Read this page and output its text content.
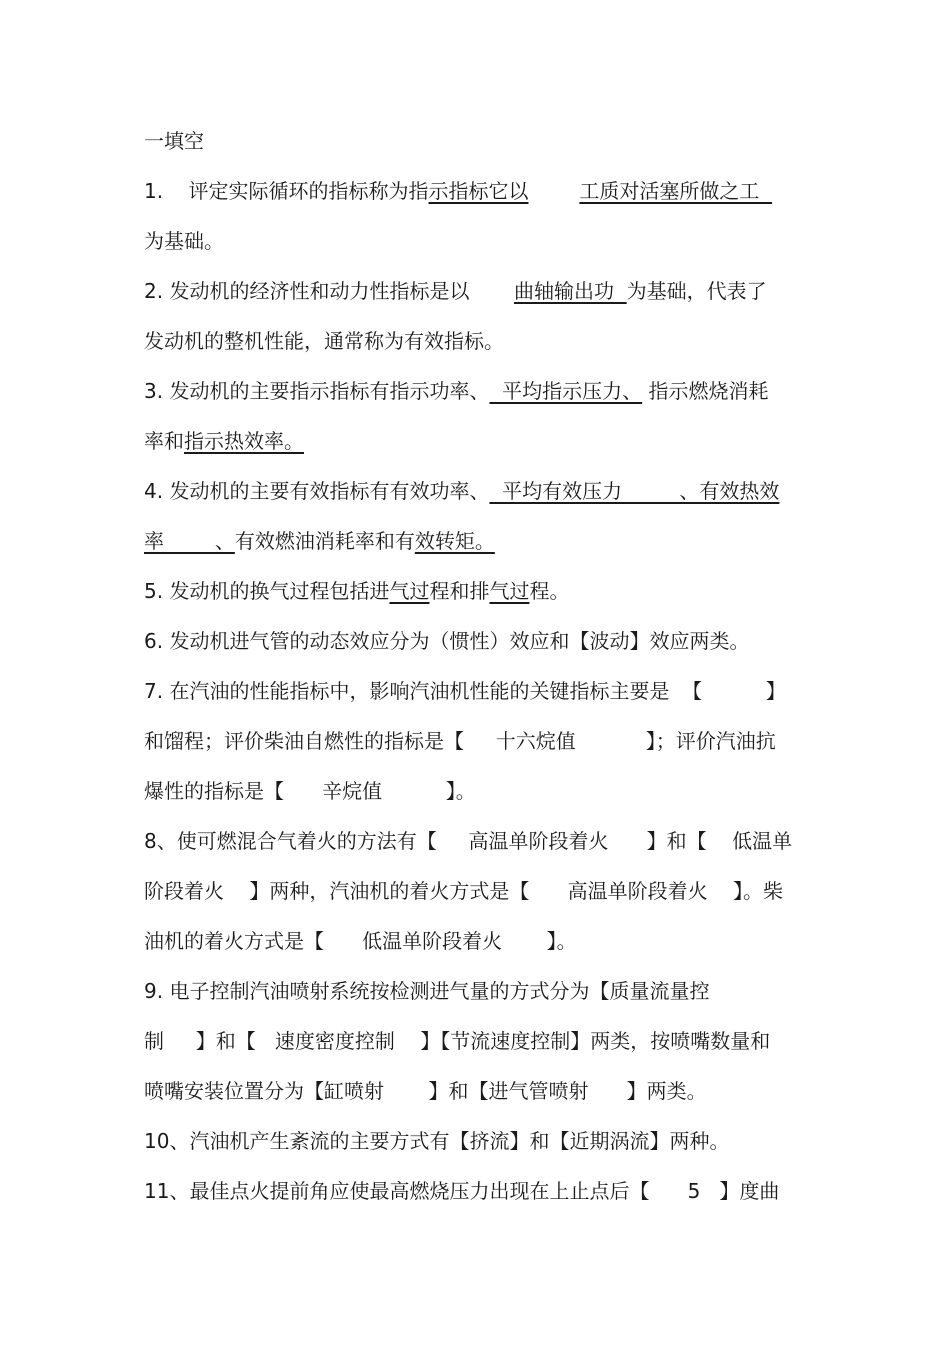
一填空
1.    评定实际循环的指标称为指示指标它以	工质对活塞所做之工
为基础。
2. 发动机的经济性和动力性指标是以       曲轴输出功  为基础，代表了
发动机的整机性能，通常称为有效指标。
3. 发动机的主要指示指标有指示功率、  平均指示压力、 指示燃烧消耗
率和指示热效率。
4. 发动机的主要有效指标有有效功率、  平均有效压力         、有效热效
率        、有效燃油消耗率和有效转矩。
5. 发动机的换气过程包括进气过程和排气过程。
6. 发动机进气管的动态效应分为（惯性）效应和【波动】效应两类。
7. 在汽油的性能指标中，影响汽油机性能的关键指标主要是  【          】
和馏程；评价柴油自燃性的指标是【     十六烷值           】；评价汽油抗
爆性的指标是【      辛烷值          】。
8、使可燃混合气着火的方法有【     高温单阶段着火      】和【    低温单
阶段着火    】两种，汽油机的着火方式是【      高温单阶段着火    】。柴
油机的着火方式是【      低温单阶段着火       】。
9. 电子控制汽油喷射系统按检测进气量的方式分为【质量流量控
制     】和【   速度密度控制    】【节流速度控制】两类，按喷嘴数量和
喷嘴安装位置分为【缸喷射       】和【进气管喷射      】两类。
10、汽油机产生紊流的主要方式有【挤流】和【近期涡流】两种。
11、最佳点火提前角应使最高燃烧压力出现在上止点后【      5   】度曲
